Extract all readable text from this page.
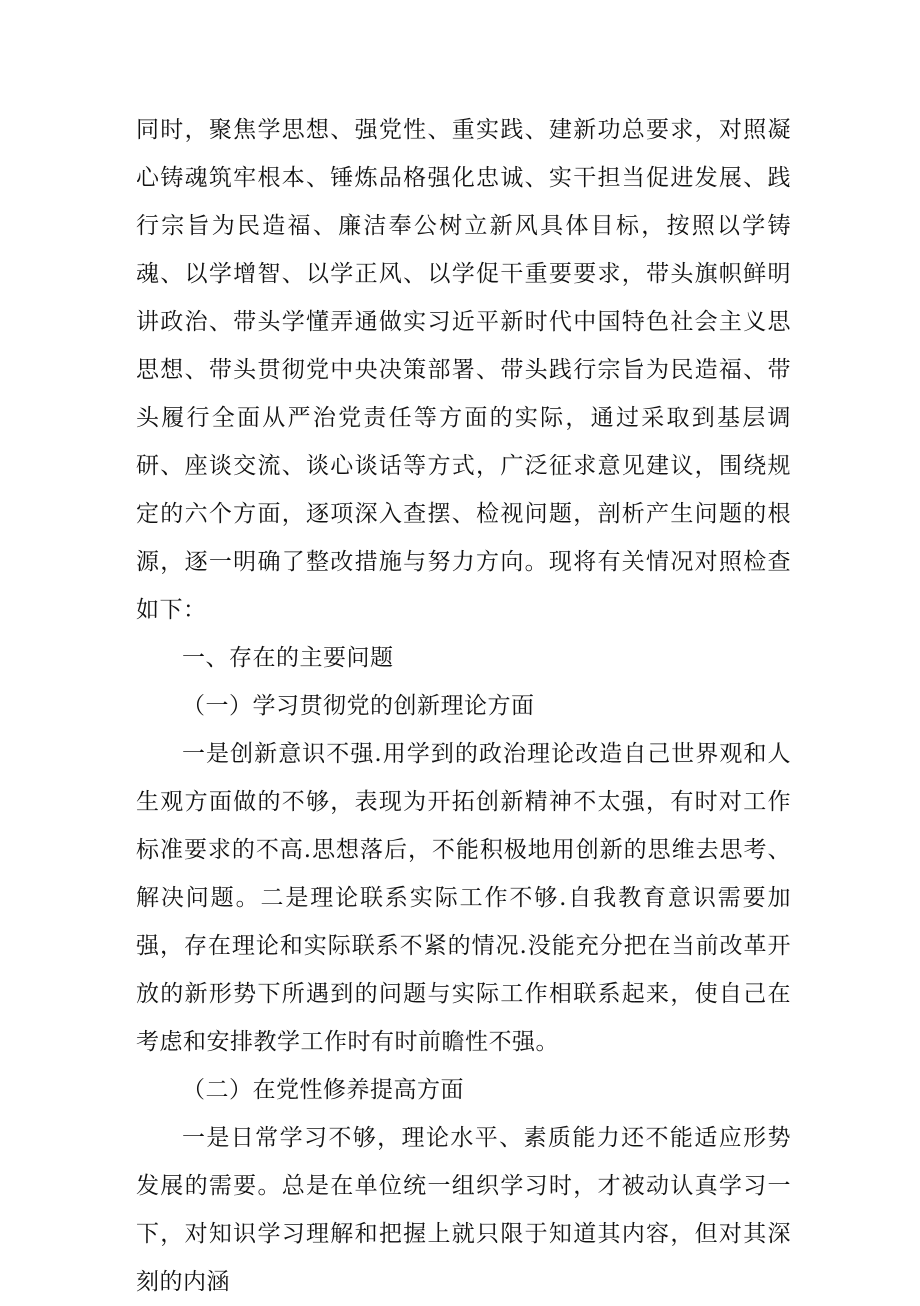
同时，聚焦学思想、强党性、重实践、建新功总要求，对照凝心铸魂筑牢根本、锤炼品格强化忠诚、实干担当促进发展、践行宗旨为民造福、廉洁奉公树立新风具体目标，按照以学铸魂、以学增智、以学正风、以学促干重要要求，带头旗帜鲜明讲政治、带头学懂弄通做实习近平新时代中国特色社会主义思思想、带头贯彻党中央决策部署、带头践行宗旨为民造福、带头履行全面从严治党责任等方面的实际，通过采取到基层调研、座谈交流、谈心谈话等方式，广泛征求意见建议，围绕规定的六个方面，逐项深入查摆、检视问题，剖析产生问题的根源，逐一明确了整改措施与努力方向。现将有关情况对照检查如下：

一、存在的主要问题

（一）学习贯彻党的创新理论方面

一是创新意识不强.用学到的政治理论改造自己世界观和人生观方面做的不够，表现为开拓创新精神不太强，有时对工作标准要求的不高.思想落后，不能积极地用创新的思维去思考、解决问题。二是理论联系实际工作不够.自我教育意识需要加强，存在理论和实际联系不紧的情况.没能充分把在当前改革开放的新形势下所遇到的问题与实际工作相联系起来，使自己在考虑和安排教学工作时有时前瞻性不强。

（二）在党性修养提高方面

一是日常学习不够，理论水平、素质能力还不能适应形势发展的需要。总是在单位统一组织学习时，才被动认真学习一下，对知识学习理解和把握上就只限于知道其内容，但对其深刻的内涵
